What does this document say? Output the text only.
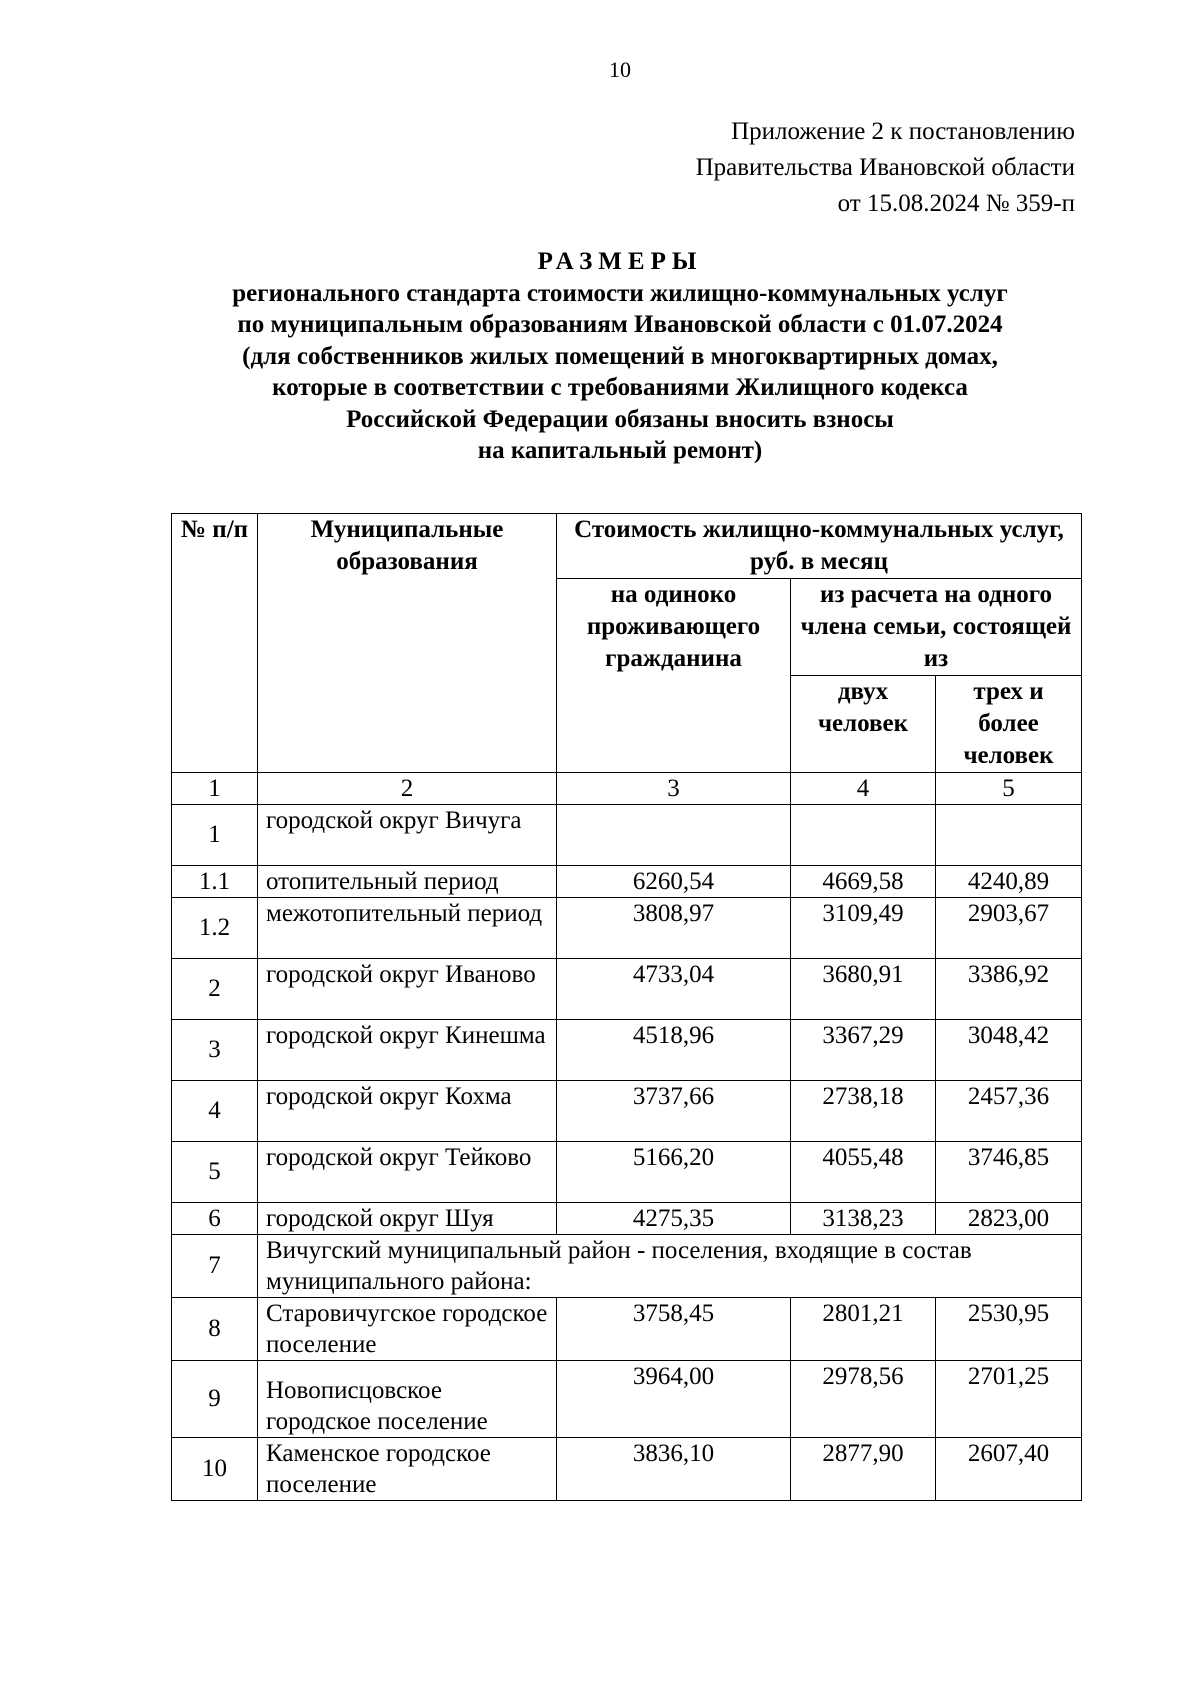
10
Приложение 2 к постановлению
Правительства Ивановской области
от 15.08.2024 № 359-п
РАЗМЕРЫ
регионального стандарта стоимости жилищно-коммунальных услуг
по муниципальным образованиям Ивановской области с 01.07.2024
(для собственников жилых помещений в многоквартирных домах,
которые в соответствии с требованиями Жилищного кодекса
Российской Федерации обязаны вносить взносы
на капитальный ремонт)
№ п/п	Муниципальные образования	Стоимость жилищно-коммунальных услуг, руб. в месяц		
		на одиноко проживающего гражданина	из расчета на одного члена семьи, состоящей из	
			двух человек	трех и более человек
1	2	3	4	5
1	городской округ Вичуга			
1.1	отопительный период	6260,54	4669,58	4240,89
1.2	межотопительный период	3808,97	3109,49	2903,67
2	городской округ Иваново	4733,04	3680,91	3386,92
3	городской округ Кинешма	4518,96	3367,29	3048,42
4	городской округ Кохма	3737,66	2738,18	2457,36
5	городской округ Тейково	5166,20	4055,48	3746,85
6	городской округ Шуя	4275,35	3138,23	2823,00
7	Вичугский муниципальный район - поселения, входящие в состав муниципального района:			
8	Старовичугское городское поселение	3758,45	2801,21	2530,95
9	Новописцовское городское поселение	3964,00	2978,56	2701,25
10	Каменское городское поселение	3836,10	2877,90	2607,40
